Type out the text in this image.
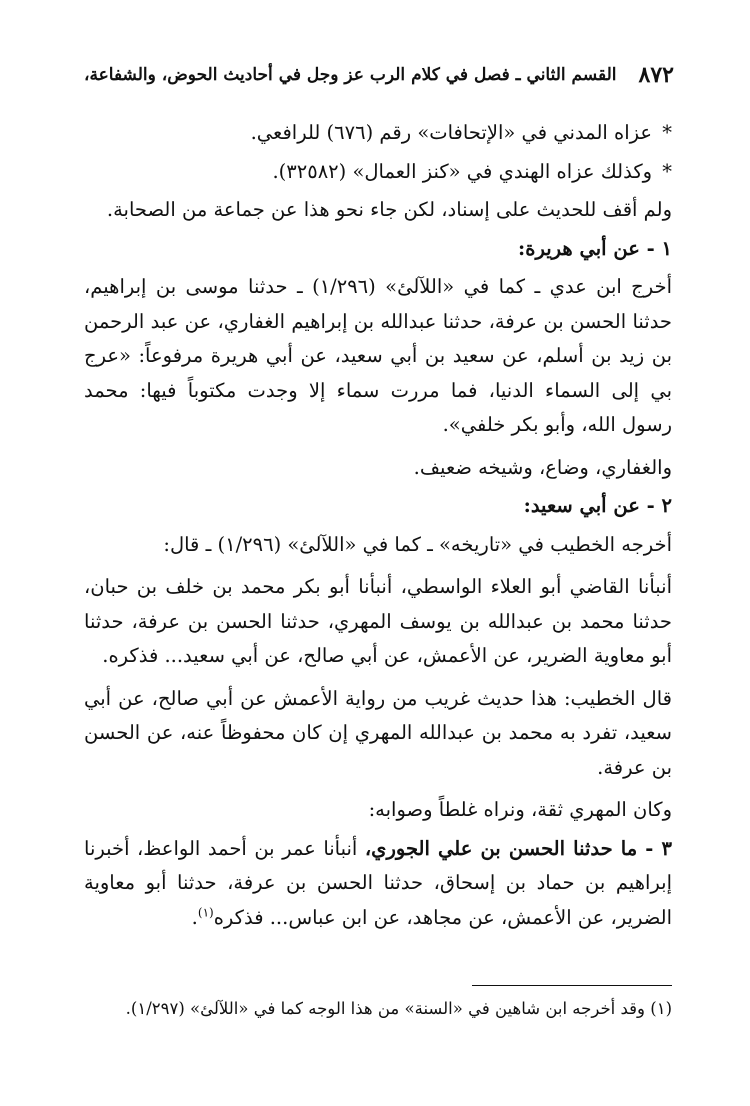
٨٧٢
القسم الثاني ـ فصل في كلام الرب عز وجل في أحاديث الحوض، والشفاعة،

* عزاه المدني في «الإتحافات» رقم (٦٧٦) للرافعي.

* وكذلك عزاه الهندي في «كنز العمال» (٣٢٥٨٢).

ولم أقف للحديث على إسناد، لكن جاء نحو هذا عن جماعة من الصحابة.

١ - عن أبي هريرة:

أخرج ابن عدي ـ كما في «اللآلئ» (١/٢٩٦) ـ حدثنا موسى بن إبراهيم، حدثنا الحسن بن عرفة، حدثنا عبدالله بن إبراهيم الغفاري، عن عبد الرحمن بن زيد بن أسلم، عن سعيد بن أبي سعيد، عن أبي هريرة مرفوعاً: «عرج بي إلى السماء الدنيا، فما مررت سماء إلا وجدت مكتوباً فيها: محمد رسول الله، وأبو بكر خلفي».

والغفاري، وضاع، وشيخه ضعيف.

٢ - عن أبي سعيد:

أخرجه الخطيب في «تاريخه» ـ كما في «اللآلئ» (١/٢٩٦) ـ قال:

أنبأنا القاضي أبو العلاء الواسطي، أنبأنا أبو بكر محمد بن خلف بن حبان، حدثنا محمد بن عبدالله بن يوسف المهري، حدثنا الحسن بن عرفة، حدثنا أبو معاوية الضرير، عن الأعمش، عن أبي صالح، عن أبي سعيد... فذكره.

قال الخطيب: هذا حديث غريب من رواية الأعمش عن أبي صالح، عن أبي سعيد، تفرد به محمد بن عبدالله المهري إن كان محفوظاً عنه، عن الحسن بن عرفة.

وكان المهري ثقة، ونراه غلطاً وصوابه:

٣ - ما حدثنا الحسن بن علي الجوري، أنبأنا عمر بن أحمد الواعظ، أخبرنا إبراهيم بن حماد بن إسحاق، حدثنا الحسن بن عرفة، حدثنا أبو معاوية الضرير، عن الأعمش، عن مجاهد، عن ابن عباس... فذكره$^{(١)}$.

(١) وقد أخرجه ابن شاهين في «السنة» من هذا الوجه كما في «اللآلئ» (١/٢٩٧).
